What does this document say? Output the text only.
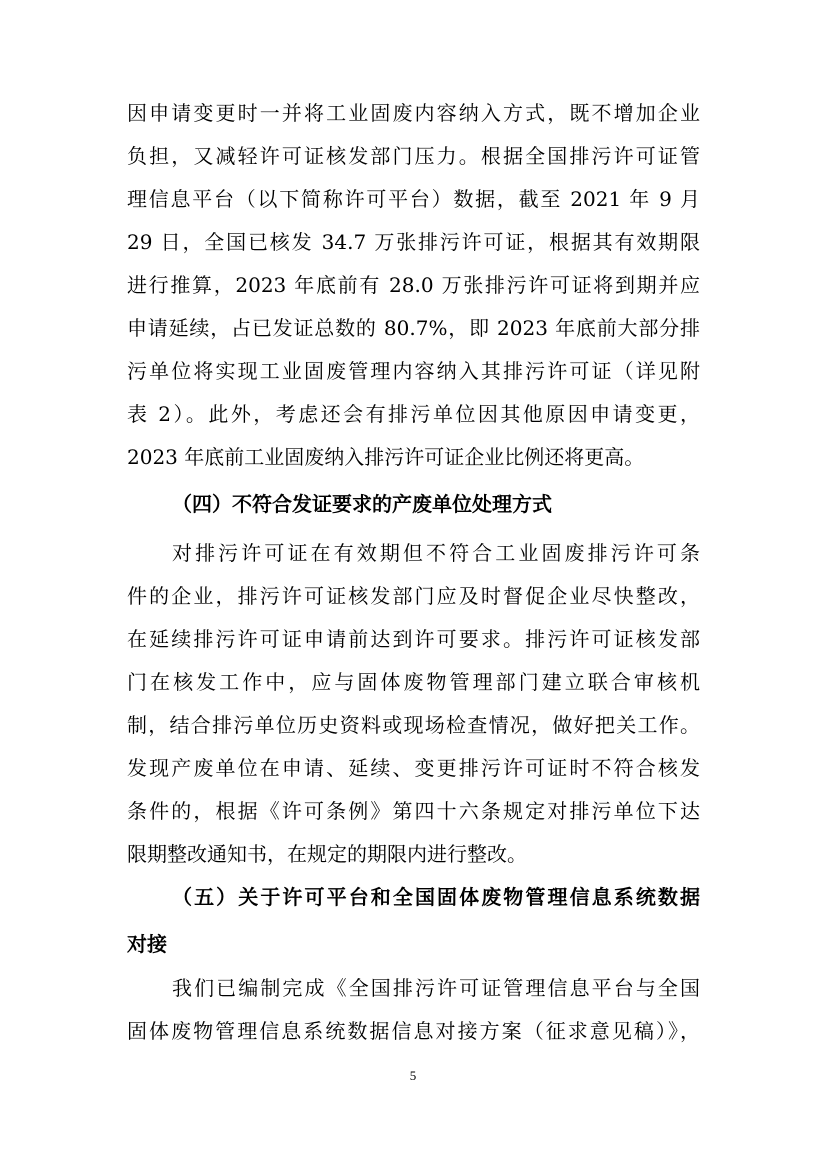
因申请变更时一并将工业固废内容纳入方式，既不增加企业
负担，又减轻许可证核发部门压力。根据全国排污许可证管
理信息平台（以下简称许可平台）数据，截至 2021 年 9 月
29 日，全国已核发 34.7 万张排污许可证，根据其有效期限
进行推算，2023 年底前有 28.0 万张排污许可证将到期并应
申请延续，占已发证总数的 80.7%，即 2023 年底前大部分排
污单位将实现工业固废管理内容纳入其排污许可证（详见附
表 2）。此外，考虑还会有排污单位因其他原因申请变更，
2023 年底前工业固废纳入排污许可证企业比例还将更高。
（四）不符合发证要求的产废单位处理方式
对排污许可证在有效期但不符合工业固废排污许可条
件的企业，排污许可证核发部门应及时督促企业尽快整改，
在延续排污许可证申请前达到许可要求。排污许可证核发部
门在核发工作中，应与固体废物管理部门建立联合审核机
制，结合排污单位历史资料或现场检查情况，做好把关工作。
发现产废单位在申请、延续、变更排污许可证时不符合核发
条件的，根据《许可条例》第四十六条规定对排污单位下达
限期整改通知书，在规定的期限内进行整改。
（五）关于许可平台和全国固体废物管理信息系统数据
对接
我们已编制完成《全国排污许可证管理信息平台与全国
固体废物管理信息系统数据信息对接方案（征求意见稿）》，
5
